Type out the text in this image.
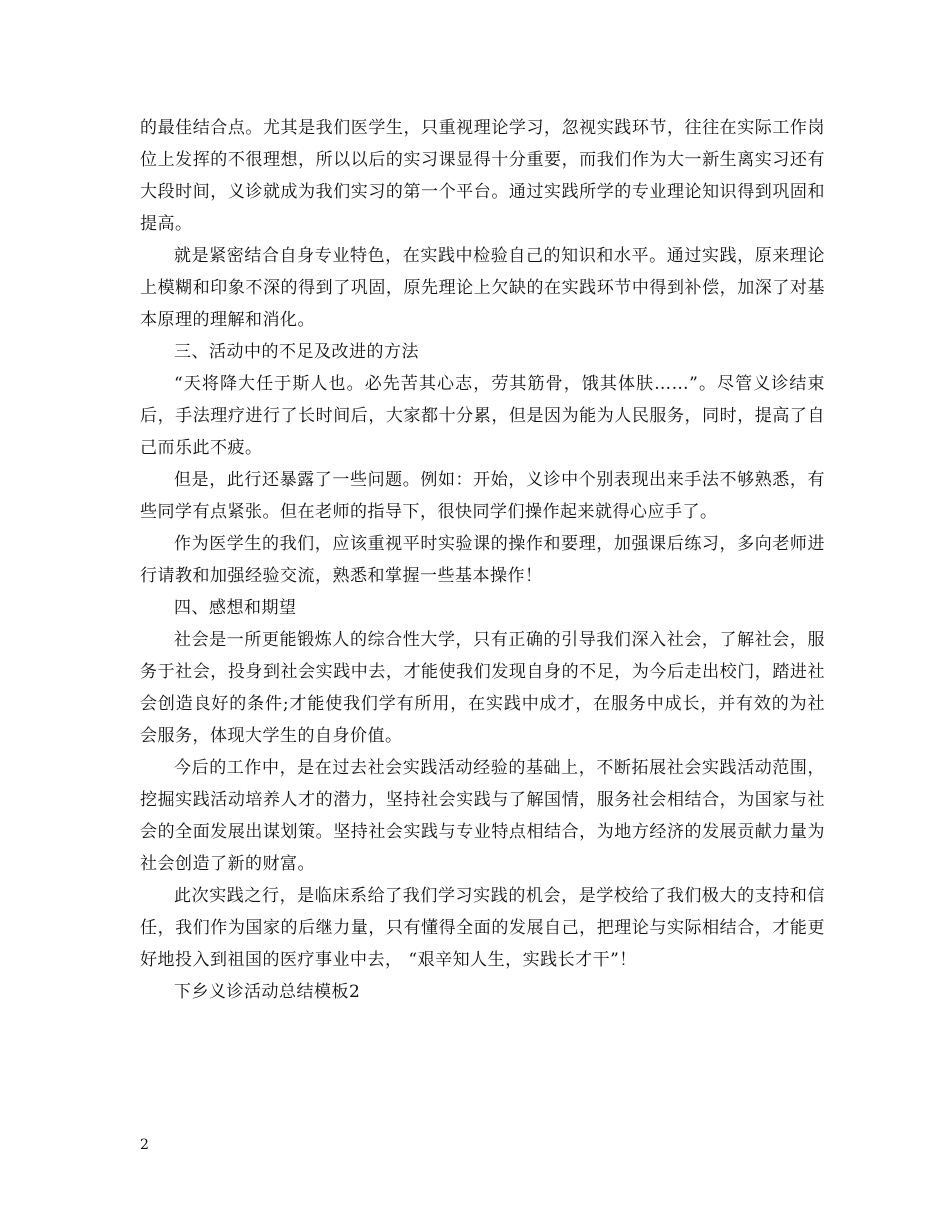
的最佳结合点。尤其是我们医学生，只重视理论学习，忽视实践环节，往往在实际工作岗位上发挥的不很理想，所以以后的实习课显得十分重要，而我们作为大一新生离实习还有大段时间，义诊就成为我们实习的第一个平台。通过实践所学的专业理论知识得到巩固和提高。

就是紧密结合自身专业特色，在实践中检验自己的知识和水平。通过实践，原来理论上模糊和印象不深的得到了巩固，原先理论上欠缺的在实践环节中得到补偿，加深了对基本原理的理解和消化。

三、活动中的不足及改进的方法

“天将降大任于斯人也。必先苦其心志，劳其筋骨，饿其体肤……”。尽管义诊结束后，手法理疗进行了长时间后，大家都十分累，但是因为能为人民服务，同时，提高了自己而乐此不疲。

但是，此行还暴露了一些问题。例如：开始，义诊中个别表现出来手法不够熟悉，有些同学有点紧张。但在老师的指导下，很快同学们操作起来就得心应手了。

作为医学生的我们，应该重视平时实验课的操作和要理，加强课后练习，多向老师进行请教和加强经验交流，熟悉和掌握一些基本操作！

四、感想和期望

社会是一所更能锻炼人的综合性大学，只有正确的引导我们深入社会，了解社会，服务于社会，投身到社会实践中去，才能使我们发现自身的不足，为今后走出校门，踏进社会创造良好的条件;才能使我们学有所用，在实践中成才，在服务中成长，并有效的为社会服务，体现大学生的自身价值。

今后的工作中，是在过去社会实践活动经验的基础上，不断拓展社会实践活动范围，挖掘实践活动培养人才的潜力，坚持社会实践与了解国情，服务社会相结合，为国家与社会的全面发展出谋划策。坚持社会实践与专业特点相结合，为地方经济的发展贡献力量为社会创造了新的财富。

此次实践之行，是临床系给了我们学习实践的机会，是学校给了我们极大的支持和信任，我们作为国家的后继力量，只有懂得全面的发展自己，把理论与实际相结合，才能更好地投入到祖国的医疗事业中去， “艰辛知人生，实践长才干”！

下乡义诊活动总结模板2

2
